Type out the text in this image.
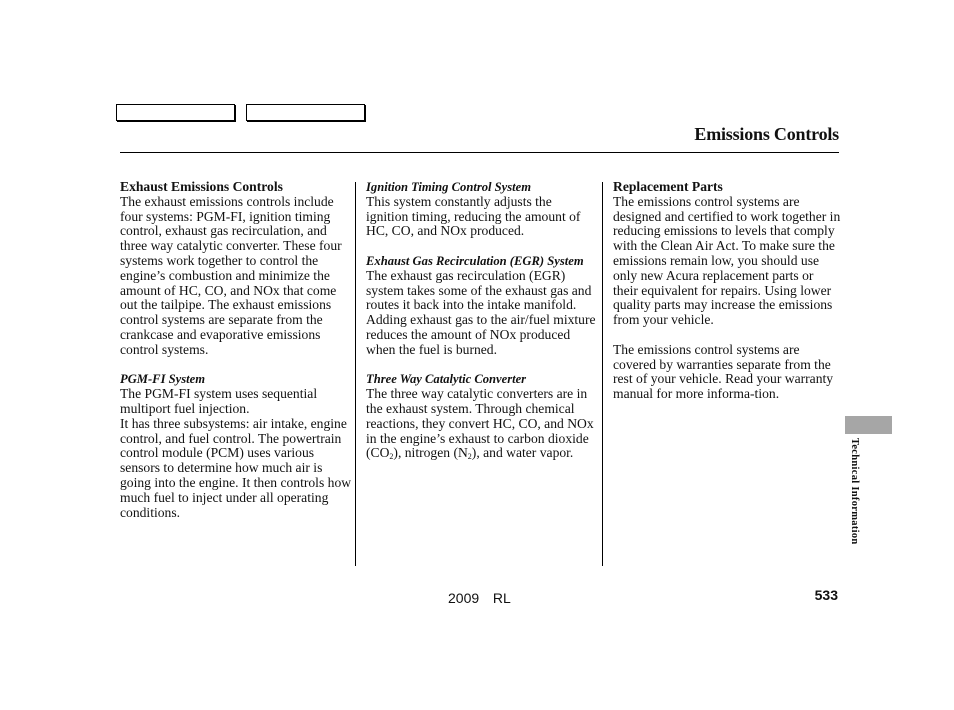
Emissions Controls
Exhaust Emissions Controls

The exhaust emissions controls include four systems: PGM-FI, ignition timing control, exhaust gas recirculation, and three way catalytic converter. These four systems work together to control the engine’s combustion and minimize the amount of HC, CO, and NOx that come out the tailpipe. The exhaust emissions control systems are separate from the crankcase and evaporative emissions control systems.

PGM-FI System

The PGM-FI system uses sequential multiport fuel injection.

It has three subsystems: air intake, engine control, and fuel control. The powertrain control module (PCM) uses various sensors to determine how much air is going into the engine. It then controls how much fuel to inject under all operating conditions.

Ignition Timing Control System

This system constantly adjusts the ignition timing, reducing the amount of HC, CO, and NOx produced.

Exhaust Gas Recirculation (EGR) System

The exhaust gas recirculation (EGR) system takes some of the exhaust gas and routes it back into the intake manifold. Adding exhaust gas to the air/fuel mixture reduces the amount of NOx produced when the fuel is burned.

Three Way Catalytic Converter

The three way catalytic converters are in the exhaust system. Through chemical reactions, they convert HC, CO, and NOx in the engine’s exhaust to carbon dioxide $(CO_2)$, nitrogen $(N_2)$, and water vapor.

Replacement Parts

The emissions control systems are designed and certified to work together in reducing emissions to levels that comply with the Clean Air Act. To make sure the emissions remain low, you should use only new Acura replacement parts or their equivalent for repairs. Using lower quality parts may increase the emissions from your vehicle.

The emissions control systems are covered by warranties separate from the rest of your vehicle. Read your warranty manual for more informa-tion.

Technical Information
2009  RL	533
